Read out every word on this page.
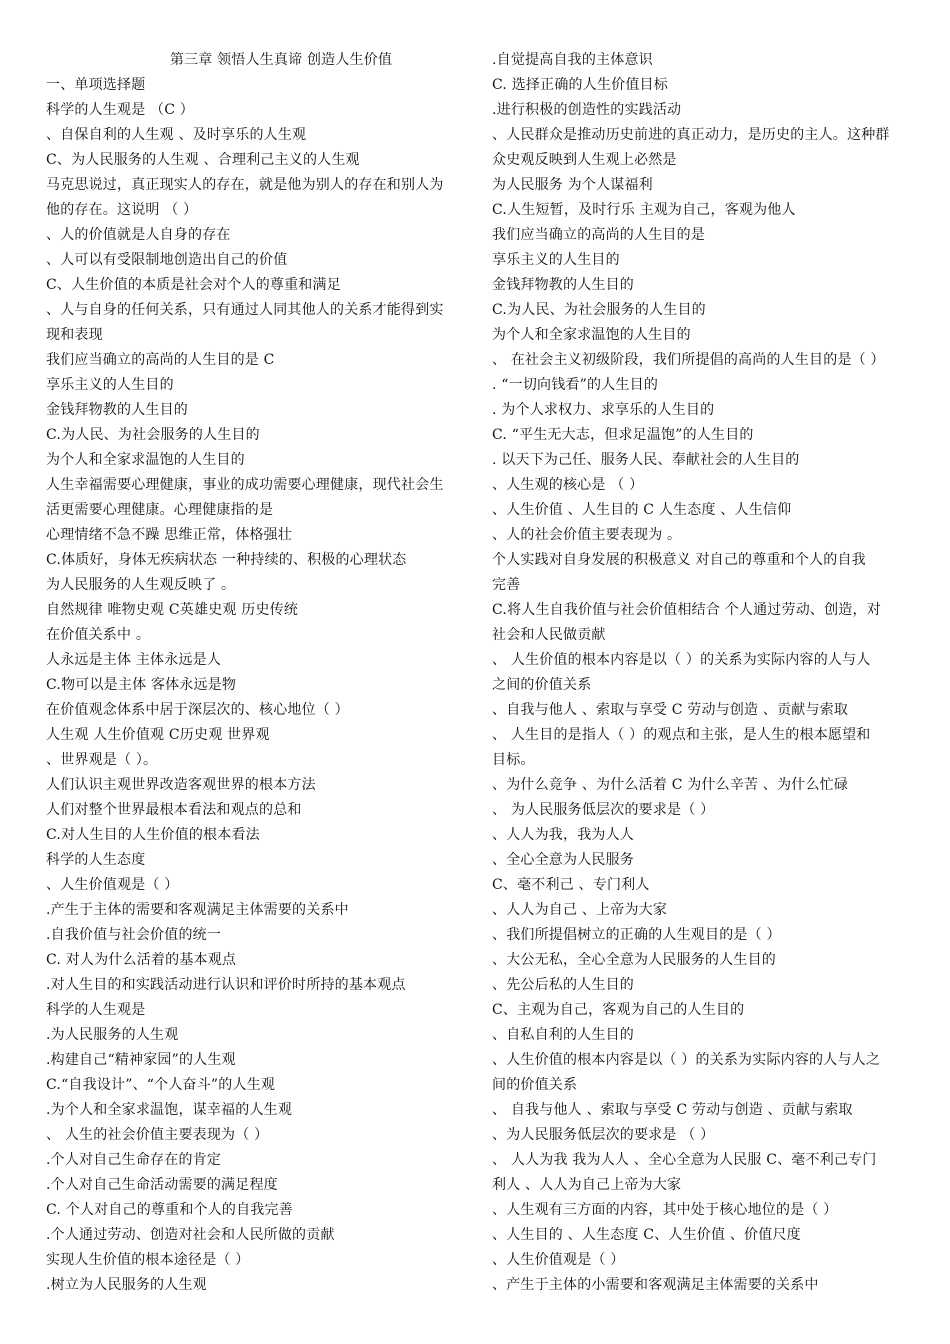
第三章 领悟人生真谛 创造人生价值
一、单项选择题
科学的人生观是 （C ）
、自保自利的人生观 、及时享乐的人生观
C、为人民服务的人生观 、合理利己主义的人生观
马克思说过，真正现实人的存在，就是他为别人的存在和别人为
他的存在。这说明 （ ）
、人的价值就是人自身的存在
、人可以有受限制地创造出自己的价值
C、人生价值的本质是社会对个人的尊重和满足
、人与自身的任何关系，只有通过人同其他人的关系才能得到实
现和表现
我们应当确立的高尚的人生目的是 C
享乐主义的人生目的
金钱拜物教的人生目的
C.为人民、为社会服务的人生目的
为个人和全家求温饱的人生目的
人生幸福需要心理健康，事业的成功需要心理健康，现代社会生
活更需要心理健康。心理健康指的是
心理情绪不急不躁 思维正常，体格强壮
C.体质好，身体无疾病状态 一种持续的、积极的心理状态
为人民服务的人生观反映了 。
自然规律 唯物史观 C英雄史观 历史传统
在价值关系中 。
人永远是主体 主体永远是人
C.物可以是主体 客体永远是物
在价值观念体系中居于深层次的、核心地位（ ）
人生观 人生价值观 C历史观 世界观
、世界观是（ ）。
人们认识主观世界改造客观世界的根本方法
人们对整个世界最根本看法和观点的总和
C.对人生目的人生价值的根本看法
科学的人生态度
、人生价值观是（ ）
.产生于主体的需要和客观满足主体需要的关系中
.自我价值与社会价值的统一
C. 对人为什么活着的基本观点
.对人生目的和实践活动进行认识和评价时所持的基本观点
科学的人生观是
.为人民服务的人生观
.构建自己“精神家园”的人生观
C.“自我设计”、“个人奋斗”的人生观
.为个人和全家求温饱，谋幸福的人生观
、 人生的社会价值主要表现为（ ）
.个人对自己生命存在的肯定
.个人对自己生命活动需要的满足程度
C. 个人对自己的尊重和个人的自我完善
.个人通过劳动、创造对社会和人民所做的贡献
实现人生价值的根本途径是（ ）
.树立为人民服务的人生观
.自觉提高自我的主体意识
C. 选择正确的人生价值目标
.进行积极的创造性的实践活动
、人民群众是推动历史前进的真正动力，是历史的主人。这种群
众史观反映到人生观上必然是
为人民服务 为个人谋福利
C.人生短暂，及时行乐 主观为自己，客观为他人
我们应当确立的高尚的人生目的是
享乐主义的人生目的
金钱拜物教的人生目的
C.为人民、为社会服务的人生目的
为个人和全家求温饱的人生目的
、 在社会主义初级阶段，我们所提倡的高尚的人生目的是（ ）
. “一切向钱看”的人生目的
. 为个人求权力、求享乐的人生目的
C. “平生无大志，但求足温饱”的人生目的
. 以天下为己任、服务人民、奉献社会的人生目的
、人生观的核心是 （ ）
、人生价值 、人生目的 C 人生态度 、人生信仰
、人的社会价值主要表现为 。
个人实践对自身发展的积极意义 对自己的尊重和个人的自我
完善
C.将人生自我价值与社会价值相结合 个人通过劳动、创造，对
社会和人民做贡献
、 人生价值的根本内容是以（ ）的关系为实际内容的人与人
之间的价值关系
、自我与他人 、索取与享受 C 劳动与创造 、贡献与索取
、 人生目的是指人（ ）的观点和主张，是人生的根本愿望和
目标。
、为什么竞争 、为什么活着 C 为什么辛苦 、为什么忙碌
、 为人民服务低层次的要求是（ ）
、人人为我，我为人人
、全心全意为人民服务
C、毫不利己 、专门利人
、人人为自己 、上帝为大家
、我们所提倡树立的正确的人生观目的是（ ）
、大公无私，全心全意为人民服务的人生目的
、先公后私的人生目的
C、主观为自己，客观为自己的人生目的
、自私自利的人生目的
、人生价值的根本内容是以（ ）的关系为实际内容的人与人之
间的价值关系
、 自我与他人 、索取与享受 C 劳动与创造 、贡献与索取
、为人民服务低层次的要求是 （ ）
、 人人为我 我为人人 、全心全意为人民服 C、毫不利己专门
利人 、人人为自己上帝为大家
、人生观有三方面的内容，其中处于核心地位的是（ ）
、人生目的 、人生态度 C、人生价值 、价值尺度
、人生价值观是（ ）
、产生于主体的小需要和客观满足主体需要的关系中
